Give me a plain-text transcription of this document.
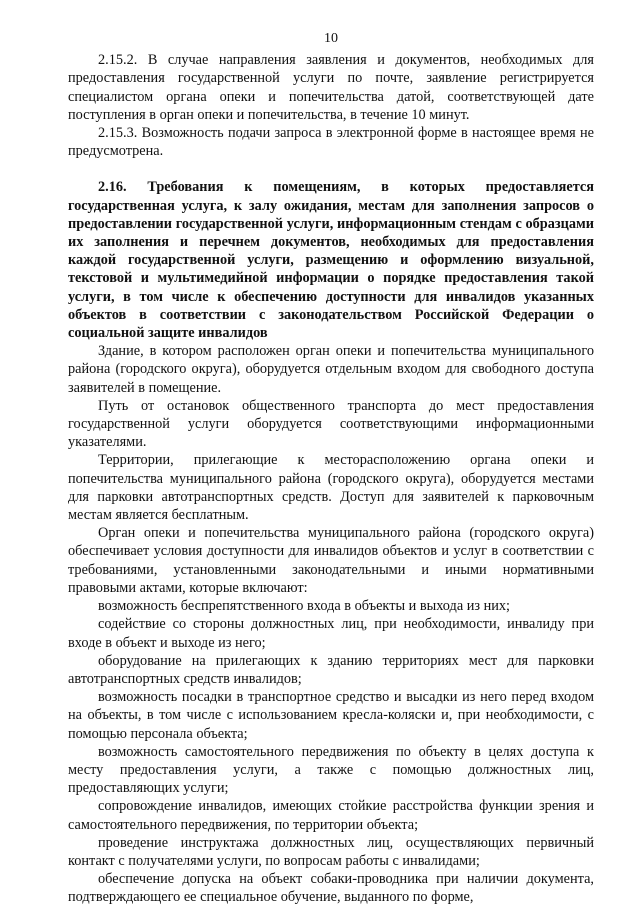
10

2.15.2. В случае направления заявления и документов, необходимых для предоставления государственной услуги по почте, заявление регистрируется специалистом органа опеки и попечительства датой, соответствующей дате поступления в орган опеки и попечительства, в течение 10 минут.

2.15.3. Возможность подачи запроса в электронной форме в настоящее время не предусмотрена.

2.16. Требования к помещениям, в которых предоставляется государственная услуга, к залу ожидания, местам для заполнения запросов о предоставлении государственной услуги, информационным стендам с образцами их заполнения и перечнем документов, необходимых для предоставления каждой государственной услуги, размещению и оформлению визуальной, текстовой и мультимедийной информации о порядке предоставления такой услуги, в том числе к обеспечению доступности для инвалидов указанных объектов в соответствии с законодательством Российской Федерации о социальной защите инвалидов

Здание, в котором расположен орган опеки и попечительства муниципального района (городского округа), оборудуется отдельным входом для свободного доступа заявителей в помещение.

Путь от остановок общественного транспорта до мест предоставления государственной услуги оборудуется соответствующими информационными указателями.

Территории, прилегающие к месторасположению органа опеки и попечительства муниципального района (городского округа), оборудуется местами для парковки автотранспортных средств. Доступ для заявителей к парковочным местам является бесплатным.

Орган опеки и попечительства муниципального района (городского округа) обеспечивает условия доступности для инвалидов объектов и услуг в соответствии с требованиями, установленными законодательными и иными нормативными правовыми актами, которые включают:

возможность беспрепятственного входа в объекты и выхода из них;

содействие со стороны должностных лиц, при необходимости, инвалиду при входе в объект и выходе из него;

оборудование на прилегающих к зданию территориях мест для парковки автотранспортных средств инвалидов;

возможность посадки в транспортное средство и высадки из него перед входом на объекты, в том числе с использованием кресла-коляски и, при необходимости, с помощью персонала объекта;

возможность самостоятельного передвижения по объекту в целях доступа к месту предоставления услуги, а также с помощью должностных лиц, предоставляющих услуги;

сопровождение инвалидов, имеющих стойкие расстройства функции зрения и самостоятельного передвижения, по территории объекта;

проведение инструктажа должностных лиц, осуществляющих первичный контакт с получателями услуги, по вопросам работы с инвалидами;

обеспечение допуска на объект собаки-проводника при наличии документа, подтверждающего ее специальное обучение, выданного по форме,
